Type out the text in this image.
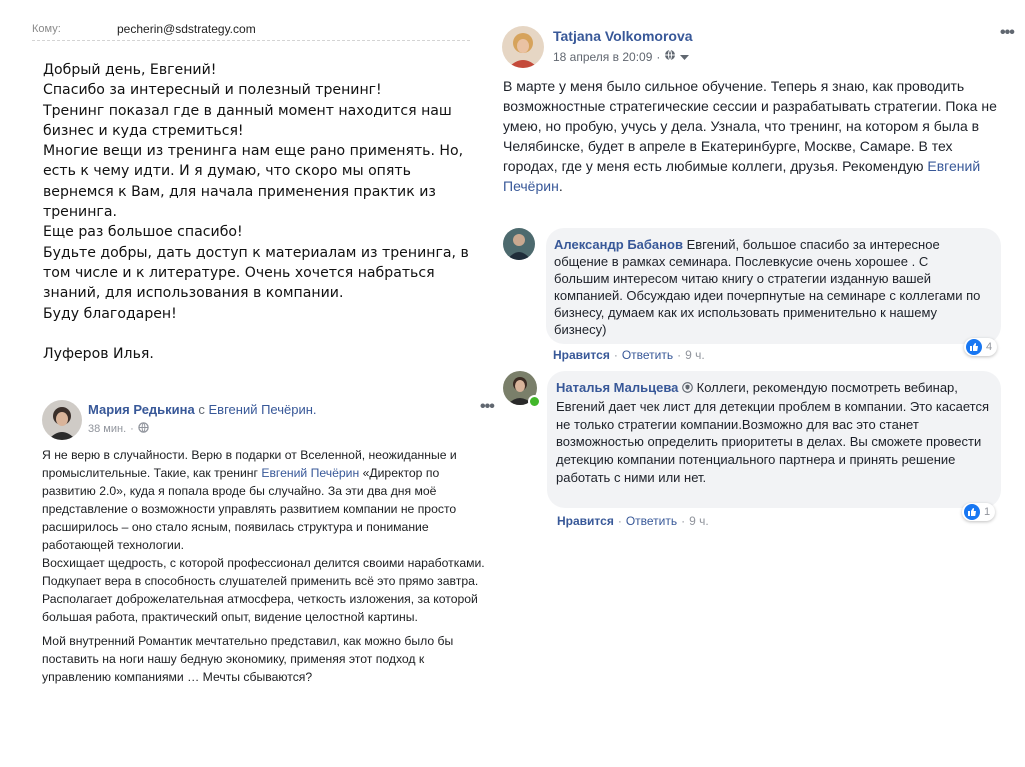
Кому:	pecherin@sdstrategy.com

Добрый день, Евгений!

Спасибо за интересный и полезный тренинг!

Тренинг показал где в данный момент находится наш

бизнес и куда стремиться!

Многие вещи из тренинга нам еще рано применять. Но,

есть к чему идти. И я думаю, что скоро мы опять

вернемся к Вам, для начала применения практик из

тренинга.

Еще раз большое спасибо!

Будьте добры, дать доступ к материалам из тренинга, в

том числе и к литературе. Очень хочется набраться

знаний, для использования в компании.

Буду благодарен!

Луферов Илья.

Мария Редькина с Евгений Печёрин.
38 мин. ·
•••
Я не верю в случайности. Верю в подарки от Вселенной, неожиданные и промыслительные. Такие, как тренинг Евгений Печёрин «Директор по развитию 2.0», куда я попала вроде бы случайно. За эти два дня моё представление о возможности управлять развитием компании не просто расширилось – оно стало ясным, появилась структура и понимание работающей технологии.
Восхищает щедрость, с которой профессионал делится своими наработками. Подкупает вера в способность слушателей применить всё это прямо завтра. Располагает доброжелательная атмосфера, четкость изложения, за которой большая работа, практический опыт, видение целостной картины.
Мой внутренний Романтик мечтательно представил, как можно было бы поставить на ноги нашу бедную экономику, применяя этот подход к управлению компаниями … Мечты сбываются?
Tatjana Volkomorova
18 апреля в 20:09 ·
•••
В марте у меня было сильное обучение. Теперь я знаю, как проводить возможностные стратегические сессии и разрабатывать стратегии. Пока не умею, но пробую, учусь у дела. Узнала, что тренинг, на котором я была в Челябинске, будет в апреле в Екатеринбурге, Москве, Самаре. В тех городах, где у меня есть любимые коллеги, друзья. Рекомендую Евгений Печёрин.
Александр Бабанов Евгений, большое спасибо за интересное общение в рамках семинара. Послевкусие очень хорошее . С большим интересом читаю книгу о стратегии изданную вашей компанией. Обсуждаю идеи почерпнутые на семинаре с коллегами по бизнесу, думаем как их использовать применительно к нашему бизнесу)
Нравится · Ответить · 9 ч.
4
Наталья Мальцева Коллеги, рекомендую посмотреть вебинар, Евгений дает чек лист для детекции проблем в компании. Это касается не только стратегии компании.Возможно для вас это станет возможностью определить приоритеты в делах. Вы сможете провести детекцию компании потенциального партнера и принять решение работать с ними или нет.
Нравится · Ответить · 9 ч.
1
